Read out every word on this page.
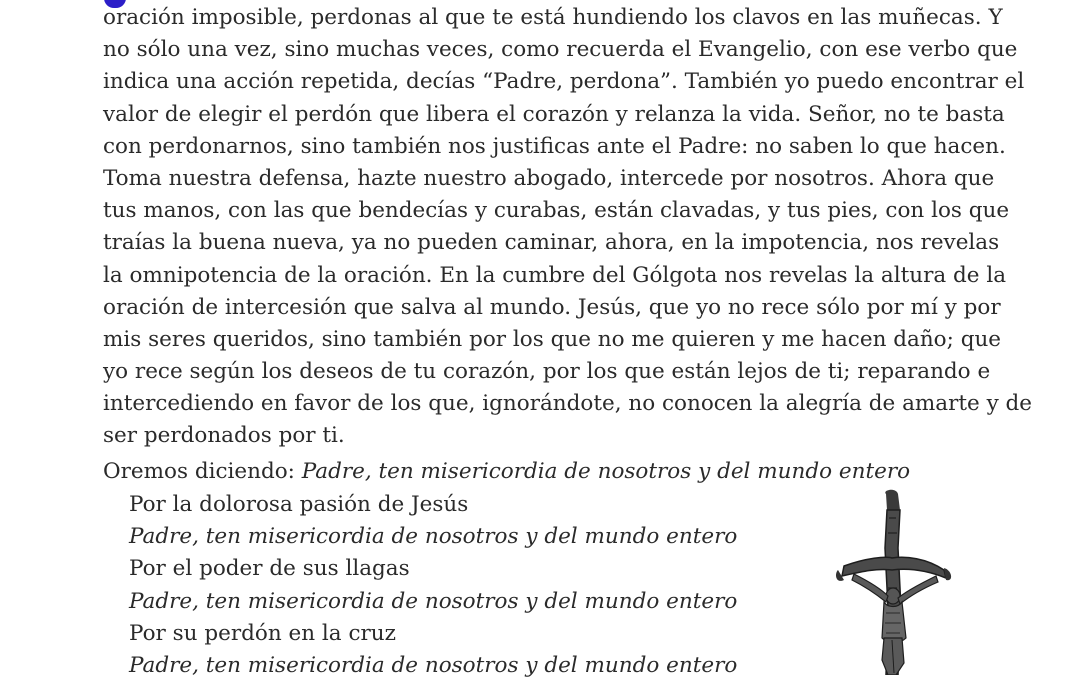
oración imposible, perdonas al que te está hundiendo los clavos en las muñecas. Y
no sólo una vez, sino muchas veces, como recuerda el Evangelio, con ese verbo que
indica una acción repetida, decías “Padre, perdona”. También yo puedo encontrar el
valor de elegir el perdón que libera el corazón y relanza la vida. Señor, no te basta
con perdonarnos, sino también nos justificas ante el Padre: no saben lo que hacen.
Toma nuestra defensa, hazte nuestro abogado, intercede por nosotros. Ahora que
tus manos, con las que bendecías y curabas, están clavadas, y tus pies, con los que
traías la buena nueva, ya no pueden caminar, ahora, en la impotencia, nos revelas
la omnipotencia de la oración. En la cumbre del Gólgota nos revelas la altura de la
oración de intercesión que salva al mundo. Jesús, que yo no rece sólo por mí y por
mis seres queridos, sino también por los que no me quieren y me hacen daño; que
yo rece según los deseos de tu corazón, por los que están lejos de ti; reparando e
intercediendo en favor de los que, ignorándote, no conocen la alegría de amarte y de
ser perdonados por ti.
Oremos diciendo: Padre, ten misericordia de nosotros y del mundo entero
Por la dolorosa pasión de Jesús
Padre, ten misericordia de nosotros y del mundo entero
Por el poder de sus llagas
Padre, ten misericordia de nosotros y del mundo entero
Por su perdón en la cruz
Padre, ten misericordia de nosotros y del mundo entero
